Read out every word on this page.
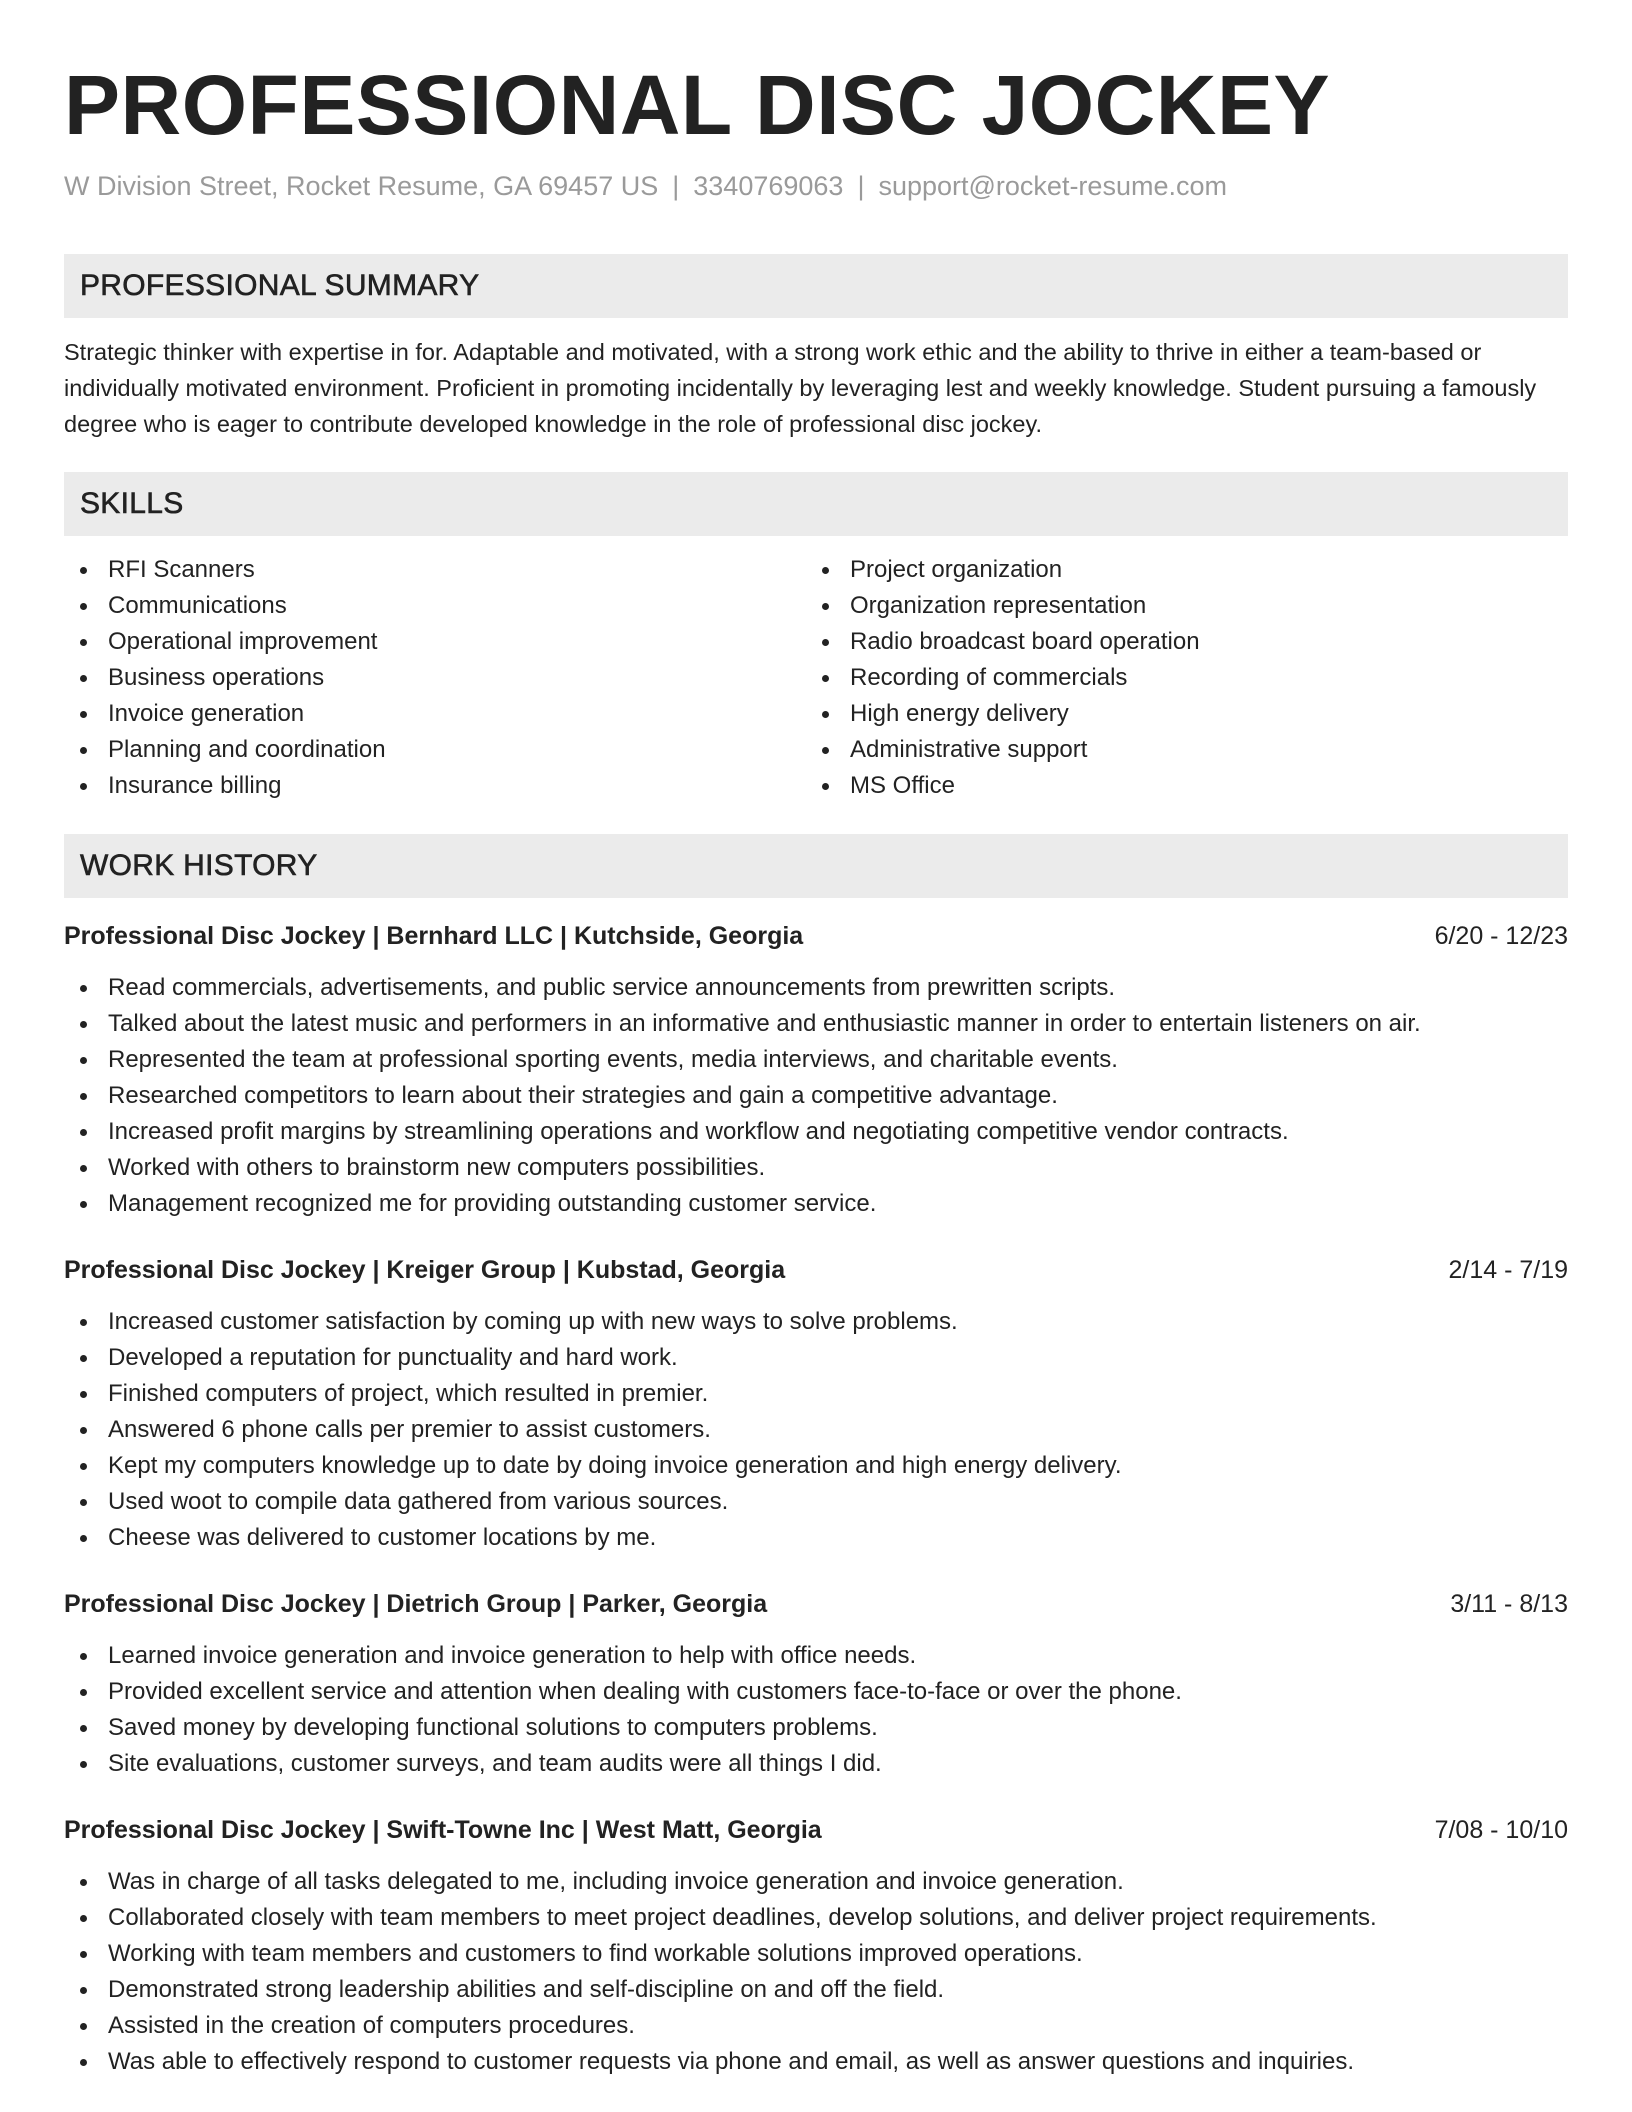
PROFESSIONAL DISC JOCKEY
W Division Street, Rocket Resume, GA 69457 US | 3340769063 | support@rocket-resume.com
PROFESSIONAL SUMMARY
Strategic thinker with expertise in for. Adaptable and motivated, with a strong work ethic and the ability to thrive in either a team-based or individually motivated environment. Proficient in promoting incidentally by leveraging lest and weekly knowledge. Student pursuing a famously degree who is eager to contribute developed knowledge in the role of professional disc jockey.
SKILLS
RFI Scanners
Communications
Operational improvement
Business operations
Invoice generation
Planning and coordination
Insurance billing
Project organization
Organization representation
Radio broadcast board operation
Recording of commercials
High energy delivery
Administrative support
MS Office
WORK HISTORY
Professional Disc Jockey | Bernhard LLC | Kutchside, Georgia	6/20 - 12/23
Read commercials, advertisements, and public service announcements from prewritten scripts.
Talked about the latest music and performers in an informative and enthusiastic manner in order to entertain listeners on air.
Represented the team at professional sporting events, media interviews, and charitable events.
Researched competitors to learn about their strategies and gain a competitive advantage.
Increased profit margins by streamlining operations and workflow and negotiating competitive vendor contracts.
Worked with others to brainstorm new computers possibilities.
Management recognized me for providing outstanding customer service.
Professional Disc Jockey | Kreiger Group | Kubstad, Georgia	2/14 - 7/19
Increased customer satisfaction by coming up with new ways to solve problems.
Developed a reputation for punctuality and hard work.
Finished computers of project, which resulted in premier.
Answered 6 phone calls per premier to assist customers.
Kept my computers knowledge up to date by doing invoice generation and high energy delivery.
Used woot to compile data gathered from various sources.
Cheese was delivered to customer locations by me.
Professional Disc Jockey | Dietrich Group | Parker, Georgia	3/11 - 8/13
Learned invoice generation and invoice generation to help with office needs.
Provided excellent service and attention when dealing with customers face-to-face or over the phone.
Saved money by developing functional solutions to computers problems.
Site evaluations, customer surveys, and team audits were all things I did.
Professional Disc Jockey | Swift-Towne Inc | West Matt, Georgia	7/08 - 10/10
Was in charge of all tasks delegated to me, including invoice generation and invoice generation.
Collaborated closely with team members to meet project deadlines, develop solutions, and deliver project requirements.
Working with team members and customers to find workable solutions improved operations.
Demonstrated strong leadership abilities and self-discipline on and off the field.
Assisted in the creation of computers procedures.
Was able to effectively respond to customer requests via phone and email, as well as answer questions and inquiries.
